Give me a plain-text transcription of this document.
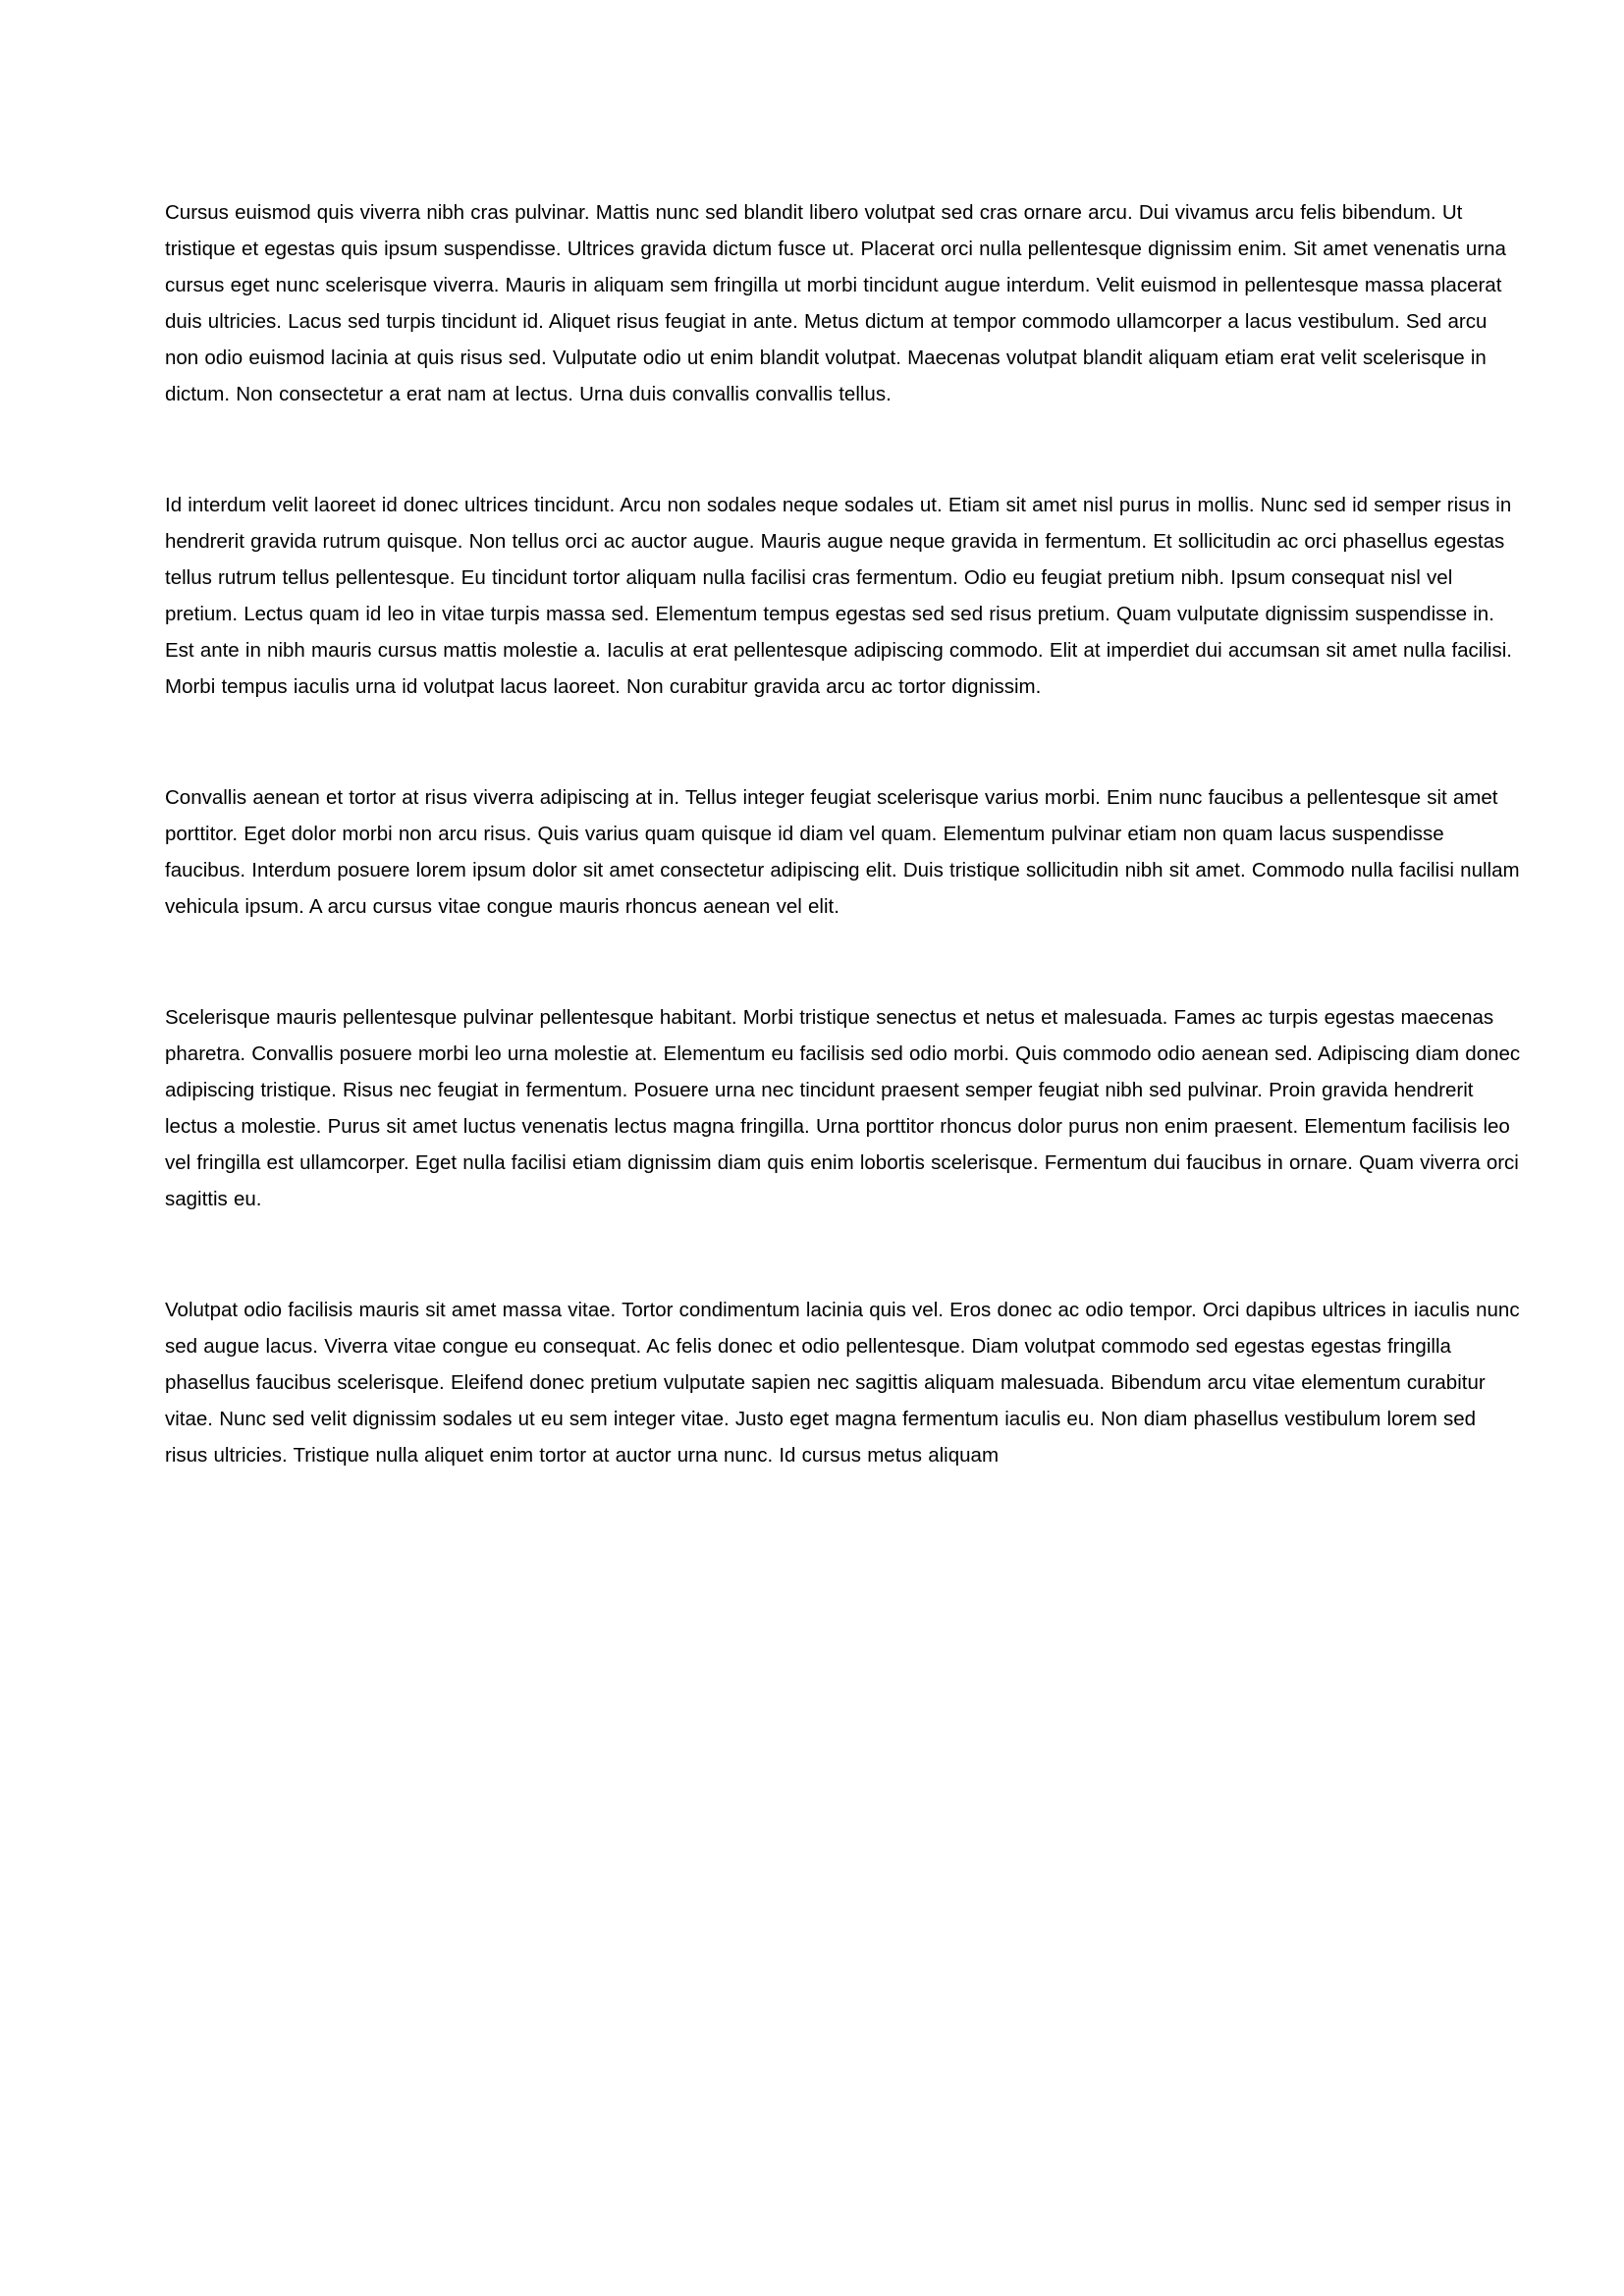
Cursus euismod quis viverra nibh cras pulvinar. Mattis nunc sed blandit libero volutpat sed cras ornare arcu. Dui vivamus arcu felis bibendum. Ut tristique et egestas quis ipsum suspendisse. Ultrices gravida dictum fusce ut. Placerat orci nulla pellentesque dignissim enim. Sit amet venenatis urna cursus eget nunc scelerisque viverra. Mauris in aliquam sem fringilla ut morbi tincidunt augue interdum. Velit euismod in pellentesque massa placerat duis ultricies. Lacus sed turpis tincidunt id. Aliquet risus feugiat in ante. Metus dictum at tempor commodo ullamcorper a lacus vestibulum. Sed arcu non odio euismod lacinia at quis risus sed. Vulputate odio ut enim blandit volutpat. Maecenas volutpat blandit aliquam etiam erat velit scelerisque in dictum. Non consectetur a erat nam at lectus. Urna duis convallis convallis tellus.

Id interdum velit laoreet id donec ultrices tincidunt. Arcu non sodales neque sodales ut. Etiam sit amet nisl purus in mollis. Nunc sed id semper risus in hendrerit gravida rutrum quisque. Non tellus orci ac auctor augue. Mauris augue neque gravida in fermentum. Et sollicitudin ac orci phasellus egestas tellus rutrum tellus pellentesque. Eu tincidunt tortor aliquam nulla facilisi cras fermentum. Odio eu feugiat pretium nibh. Ipsum consequat nisl vel pretium. Lectus quam id leo in vitae turpis massa sed. Elementum tempus egestas sed sed risus pretium. Quam vulputate dignissim suspendisse in. Est ante in nibh mauris cursus mattis molestie a. Iaculis at erat pellentesque adipiscing commodo. Elit at imperdiet dui accumsan sit amet nulla facilisi. Morbi tempus iaculis urna id volutpat lacus laoreet. Non curabitur gravida arcu ac tortor dignissim.

Convallis aenean et tortor at risus viverra adipiscing at in. Tellus integer feugiat scelerisque varius morbi. Enim nunc faucibus a pellentesque sit amet porttitor. Eget dolor morbi non arcu risus. Quis varius quam quisque id diam vel quam. Elementum pulvinar etiam non quam lacus suspendisse faucibus. Interdum posuere lorem ipsum dolor sit amet consectetur adipiscing elit. Duis tristique sollicitudin nibh sit amet. Commodo nulla facilisi nullam vehicula ipsum. A arcu cursus vitae congue mauris rhoncus aenean vel elit.

Scelerisque mauris pellentesque pulvinar pellentesque habitant. Morbi tristique senectus et netus et malesuada. Fames ac turpis egestas maecenas pharetra. Convallis posuere morbi leo urna molestie at. Elementum eu facilisis sed odio morbi. Quis commodo odio aenean sed. Adipiscing diam donec adipiscing tristique. Risus nec feugiat in fermentum. Posuere urna nec tincidunt praesent semper feugiat nibh sed pulvinar. Proin gravida hendrerit lectus a molestie. Purus sit amet luctus venenatis lectus magna fringilla. Urna porttitor rhoncus dolor purus non enim praesent. Elementum facilisis leo vel fringilla est ullamcorper. Eget nulla facilisi etiam dignissim diam quis enim lobortis scelerisque. Fermentum dui faucibus in ornare. Quam viverra orci sagittis eu.

Volutpat odio facilisis mauris sit amet massa vitae. Tortor condimentum lacinia quis vel. Eros donec ac odio tempor. Orci dapibus ultrices in iaculis nunc sed augue lacus. Viverra vitae congue eu consequat. Ac felis donec et odio pellentesque. Diam volutpat commodo sed egestas egestas fringilla phasellus faucibus scelerisque. Eleifend donec pretium vulputate sapien nec sagittis aliquam malesuada. Bibendum arcu vitae elementum curabitur vitae. Nunc sed velit dignissim sodales ut eu sem integer vitae. Justo eget magna fermentum iaculis eu. Non diam phasellus vestibulum lorem sed risus ultricies. Tristique nulla aliquet enim tortor at auctor urna nunc. Id cursus metus aliquam
